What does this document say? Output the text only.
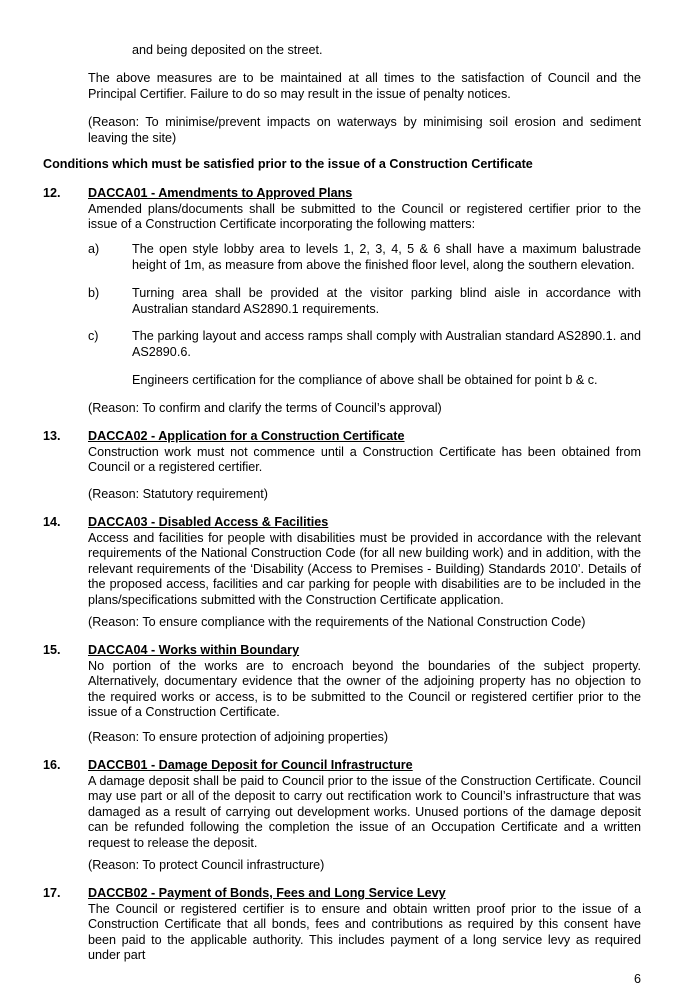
and being deposited on the street.

The above measures are to be maintained at all times to the satisfaction of Council and the Principal Certifier. Failure to do so may result in the issue of penalty notices.

(Reason: To minimise/prevent impacts on waterways by minimising soil erosion and sediment leaving the site)

Conditions which must be satisfied prior to the issue of a Construction Certificate

12. DACCA01 - Amendments to Approved Plans

Amended plans/documents shall be submitted to the Council or registered certifier prior to the issue of a Construction Certificate incorporating the following matters:

a)	The open style lobby area to levels 1, 2, 3, 4, 5 & 6 shall have a maximum balustrade height of 1m, as measure from above the finished floor level, along the southern elevation.

b)	Turning area shall be provided at the visitor parking blind aisle in accordance with Australian standard AS2890.1 requirements.

c)	The parking layout and access ramps shall comply with Australian standard AS2890.1. and AS2890.6.

Engineers certification for the compliance of above shall be obtained for point b & c.

(Reason: To confirm and clarify the terms of Council’s approval)

13. DACCA02 - Application for a Construction Certificate

Construction work must not commence until a Construction Certificate has been obtained from Council or a registered certifier.

(Reason: Statutory requirement)

14. DACCA03 - Disabled Access & Facilities

Access and facilities for people with disabilities must be provided in accordance with the relevant requirements of the National Construction Code (for all new building work) and in addition, with the relevant requirements of the ‘Disability (Access to Premises - Building) Standards 2010’. Details of the proposed access, facilities and car parking for people with disabilities are to be included in the plans/specifications submitted with the Construction Certificate application.

(Reason: To ensure compliance with the requirements of the National Construction Code)

15. DACCA04 - Works within Boundary

No portion of the works are to encroach beyond the boundaries of the subject property. Alternatively, documentary evidence that the owner of the adjoining property has no objection to the required works or access, is to be submitted to the Council or registered certifier prior to the issue of a Construction Certificate.

(Reason: To ensure protection of adjoining properties)

16. DACCB01 - Damage Deposit for Council Infrastructure

A damage deposit shall be paid to Council prior to the issue of the Construction Certificate. Council may use part or all of the deposit to carry out rectification work to Council’s infrastructure that was damaged as a result of carrying out development works. Unused portions of the damage deposit can be refunded following the completion the issue of an Occupation Certificate and a written request to release the deposit.

(Reason: To protect Council infrastructure)

17. DACCB02 - Payment of Bonds, Fees and Long Service Levy

The Council or registered certifier is to ensure and obtain written proof prior to the issue of a Construction Certificate that all bonds, fees and contributions as required by this consent have been paid to the applicable authority. This includes payment of a long service levy as required under part

6
